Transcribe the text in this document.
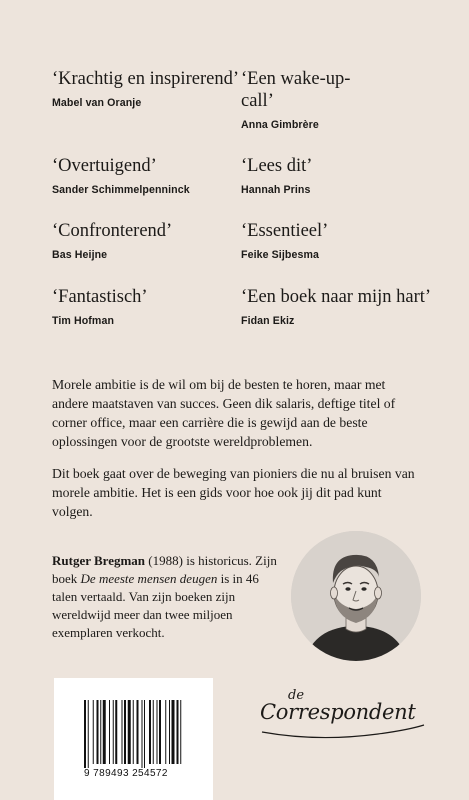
‘Krachtig en inspirerend’
Mabel van Oranje
‘Een wake-up-call’
Anna Gimbrère
‘Overtuigend’
Sander Schimmelpenninck
‘Lees dit’
Hannah Prins
‘Confronterend’
Bas Heijne
‘Essentieel’
Feike Sijbesma
‘Fantastisch’
Tim Hofman
‘Een boek naar mijn hart’
Fidan Ekiz

Morele ambitie is de wil om bij de besten te horen, maar met andere maatstaven van succes. Geen dik salaris, deftige titel of corner office, maar een carrière die is gewijd aan de beste oplossingen voor de grootste wereldproblemen.

Dit boek gaat over de beweging van pioniers die nu al bruisen van morele ambitie. Het is een gids voor hoe ook jij dit pad kunt volgen.

Rutger Bregman (1988) is historicus. Zijn boek De meeste mensen deugen is in 46 talen vertaald. Van zijn boeken zijn wereldwijd meer dan twee miljoen exemplaren verkocht.

9 789493 254572
de
Correspondent
